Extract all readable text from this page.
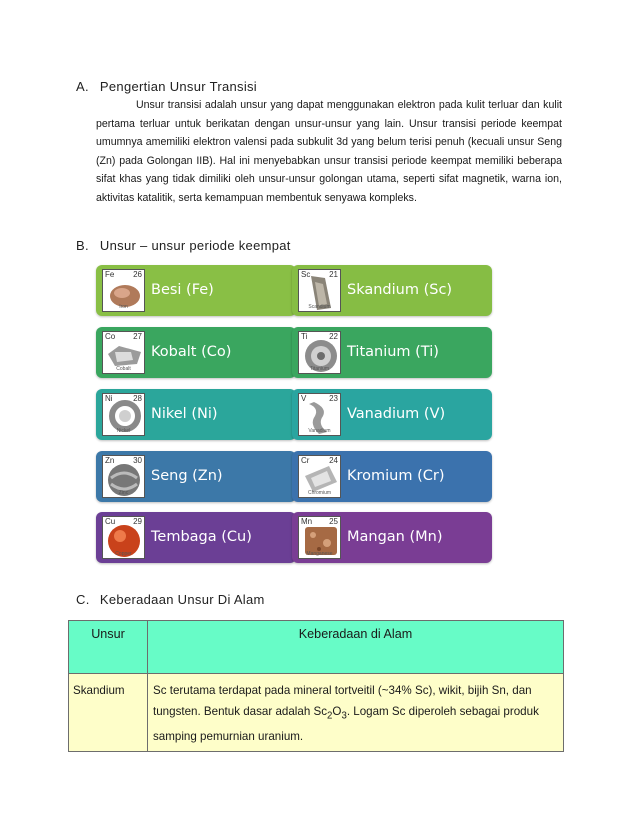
A. Pengertian Unsur Transisi
Unsur transisi adalah unsur yang dapat menggunakan elektron pada kulit terluar dan kulit pertama terluar untuk berikatan dengan unsur-unsur yang lain. Unsur transisi periode keempat umumnya amemiliki elektron valensi pada subkulit 3d yang belum terisi penuh (kecuali unsur Seng (Zn) pada Golongan IIB). Hal ini menyebabkan unsur transisi periode keempat memiliki beberapa sifat khas yang tidak dimiliki oleh unsur-unsur golongan utama, seperti sifat magnetik, warna ion, aktivitas katalitik, serta kemampuan membentuk senyawa kompleks.
B. Unsur – unsur periode keempat
Fe 26
Iron
Besi (Fe)
Sc 21
Scandium
Skandium (Sc)
Co 27
Cobalt
Kobalt (Co)
Ti	22
Titanium
Titanium (Ti)
Ni	28
Nickel
Nikel (Ni)
V	23
Vanadium
Vanadium (V)
Zn 30
Zinc
Seng (Zn)
Cr 24
Chromium
Kromium (Cr)
Cu 29
Copper
Tembaga (Cu)
Mn 25
Manganese
Mangan (Mn)
C. Keberadaan Unsur Di Alam
Unsur	Keberadaan di Alam
Skandium	Sc terutama terdapat pada mineral tortveitil (~34% Sc), wikit, bijih Sn, dan tungsten. Bentuk dasar adalah $Sc_2O_3$. Logam Sc diperoleh sebagai produk samping pemurnian uranium.
